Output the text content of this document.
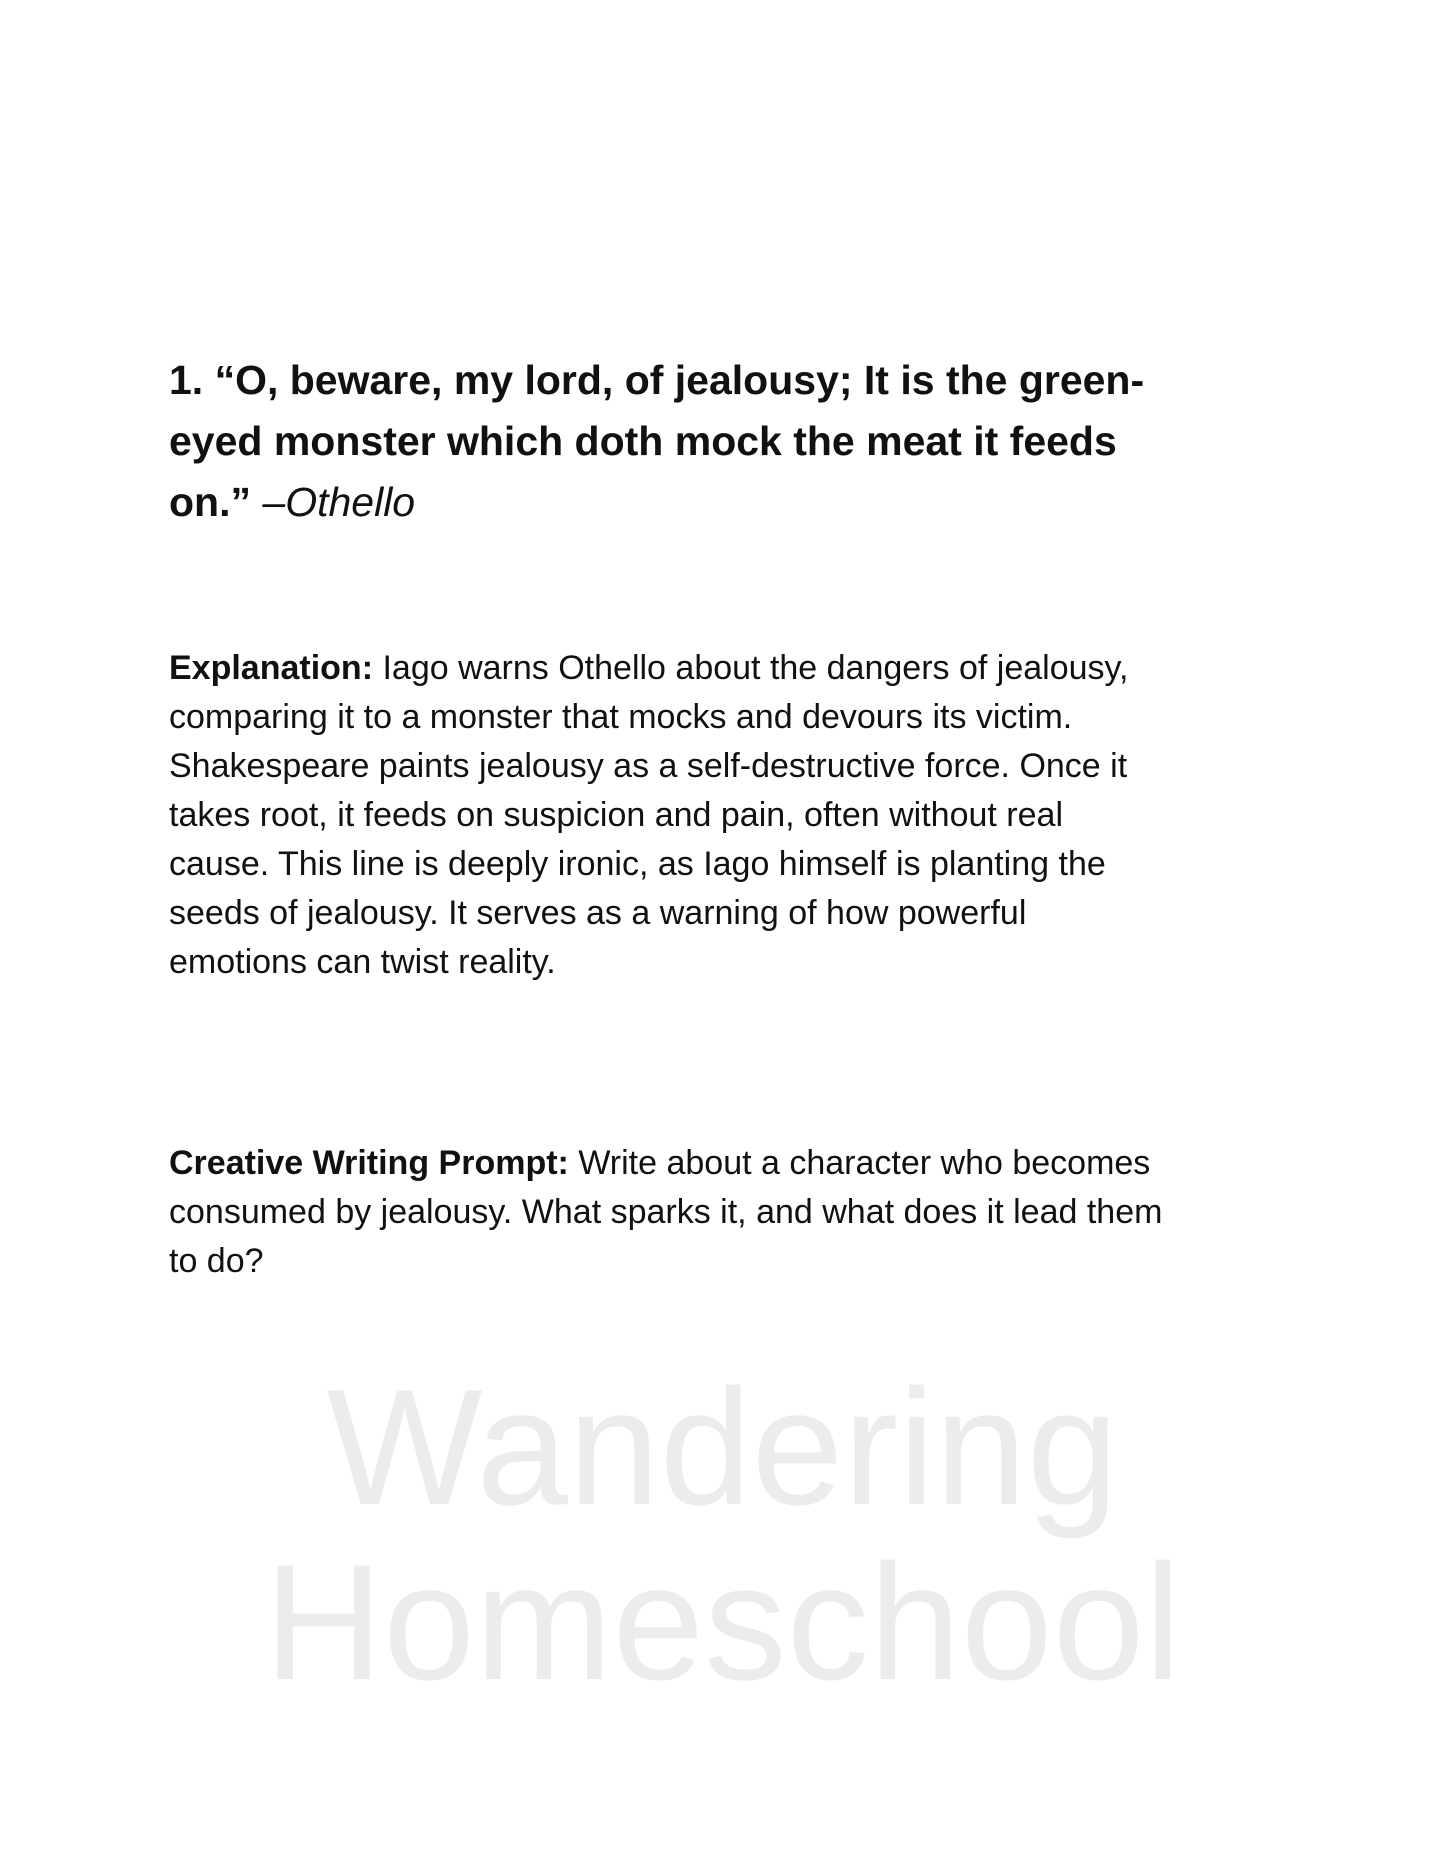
Wandering
Homeschool
1. “O, beware, my lord, of jealousy; It is the green-
eyed monster which doth mock the meat it feeds
on.” –Othello
Explanation: Iago warns Othello about the dangers of jealousy,
comparing it to a monster that mocks and devours its victim.
Shakespeare paints jealousy as a self-destructive force. Once it
takes root, it feeds on suspicion and pain, often without real
cause. This line is deeply ironic, as Iago himself is planting the
seeds of jealousy. It serves as a warning of how powerful
emotions can twist reality.
Creative Writing Prompt: Write about a character who becomes
consumed by jealousy. What sparks it, and what does it lead them
to do?
